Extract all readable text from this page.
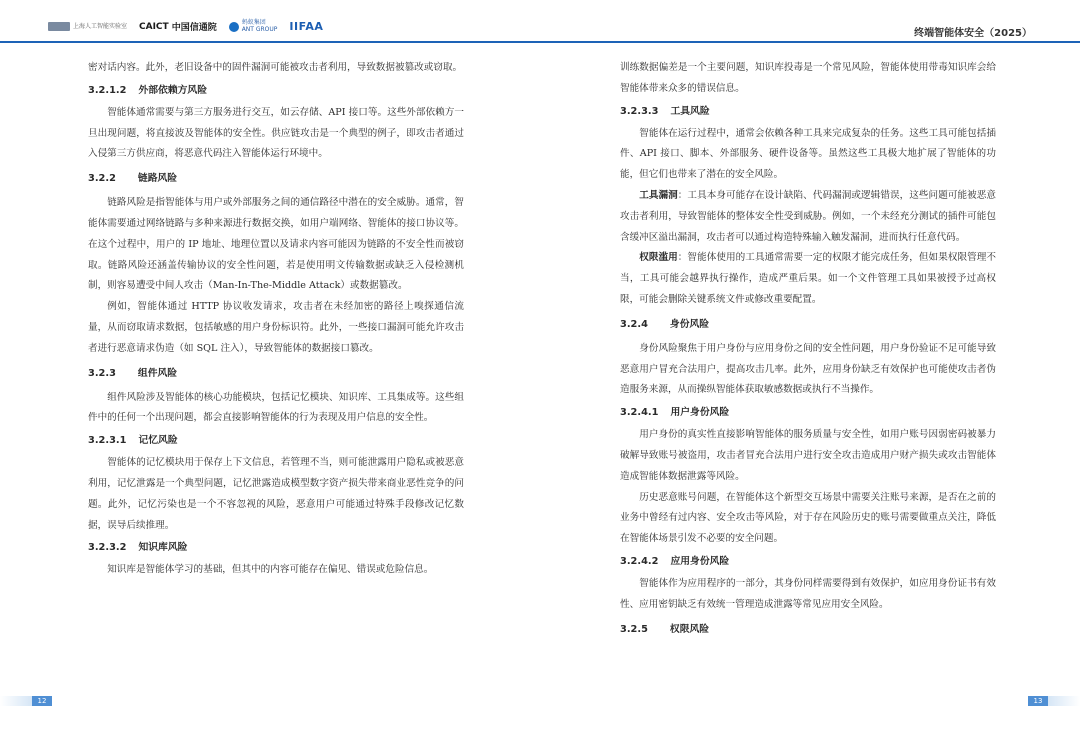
上海人工智能实验室 CAICT 中国信通院
蚂蚁集团
ANT GROUP IIFAA
终端智能体安全（2025）

密对话内容。此外，老旧设备中的固件漏洞可能被攻击者利用，导致数据被篡改或窃取。

3.2.1.2 外部依赖方风险

智能体通常需要与第三方服务进行交互，如云存储、API 接口等。这些外部依赖方一旦出现问题，将直接波及智能体的安全性。供应链攻击是一个典型的例子，即攻击者通过入侵第三方供应商，将恶意代码注入智能体运行环境中。

3.2.2 链路风险

链路风险是指智能体与用户或外部服务之间的通信路径中潜在的安全威胁。通常，智能体需要通过网络链路与多种来源进行数据交换，如用户端网络、智能体的接口协议等。在这个过程中，用户的 IP 地址、地理位置以及请求内容可能因为链路的不安全性而被窃取。链路风险还涵盖传输协议的安全性问题，若是使用明文传输数据或缺乏入侵检测机制，则容易遭受中间人攻击（Man-In-The-Middle Attack）或数据篡改。

例如，智能体通过 HTTP 协议收发请求，攻击者在未经加密的路径上嗅探通信流量，从而窃取请求数据，包括敏感的用户身份标识符。此外，一些接口漏洞可能允许攻击者进行恶意请求伪造（如 SQL 注入），导致智能体的数据接口篡改。

3.2.3 组件风险

组件风险涉及智能体的核心功能模块，包括记忆模块、知识库、工具集成等。这些组件中的任何一个出现问题，都会直接影响智能体的行为表现及用户信息的安全性。

3.2.3.1 记忆风险

智能体的记忆模块用于保存上下文信息，若管理不当，则可能泄露用户隐私或被恶意利用，记忆泄露是一个典型问题，记忆泄露造成模型数字资产损失带来商业恶性竞争的问题。此外，记忆污染也是一个不容忽视的风险，恶意用户可能通过特殊手段修改记忆数据，误导后续推理。

3.2.3.2 知识库风险

知识库是智能体学习的基础，但其中的内容可能存在偏见、错误或危险信息。

训练数据偏差是一个主要问题，知识库投毒是一个常见风险，智能体使用带毒知识库会给智能体带来众多的错误信息。

3.2.3.3 工具风险

智能体在运行过程中，通常会依赖各种工具来完成复杂的任务。这些工具可能包括插件、API 接口、脚本、外部服务、硬件设备等。虽然这些工具极大地扩展了智能体的功能，但它们也带来了潜在的安全风险。

工具漏洞：工具本身可能存在设计缺陷、代码漏洞或逻辑错误，这些问题可能被恶意攻击者利用，导致智能体的整体安全性受到威胁。例如，一个未经充分测试的插件可能包含缓冲区溢出漏洞，攻击者可以通过构造特殊输入触发漏洞，进而执行任意代码。

权限滥用：智能体使用的工具通常需要一定的权限才能完成任务，但如果权限管理不当，工具可能会越界执行操作，造成严重后果。如一个文件管理工具如果被授予过高权限，可能会删除关键系统文件或修改重要配置。

3.2.4 身份风险

身份风险聚焦于用户身份与应用身份之间的安全性问题，用户身份验证不足可能导致恶意用户冒充合法用户，提高攻击几率。此外，应用身份缺乏有效保护也可能使攻击者伪造服务来源，从而操纵智能体获取敏感数据或执行不当操作。

3.2.4.1 用户身份风险

用户身份的真实性直接影响智能体的服务质量与安全性，如用户账号因弱密码被暴力破解导致账号被盗用，攻击者冒充合法用户进行安全攻击造成用户财产损失或攻击智能体造成智能体数据泄露等风险。

历史恶意账号问题，在智能体这个新型交互场景中需要关注账号来源，是否在之前的业务中曾经有过内容、安全攻击等风险，对于存在风险历史的账号需要做重点关注，降低在智能体场景引发不必要的安全问题。

3.2.4.2 应用身份风险

智能体作为应用程序的一部分，其身份同样需要得到有效保护，如应用身份证书有效性、应用密钥缺乏有效统一管理造成泄露等常见应用安全风险。

3.2.5 权限风险
12	13
